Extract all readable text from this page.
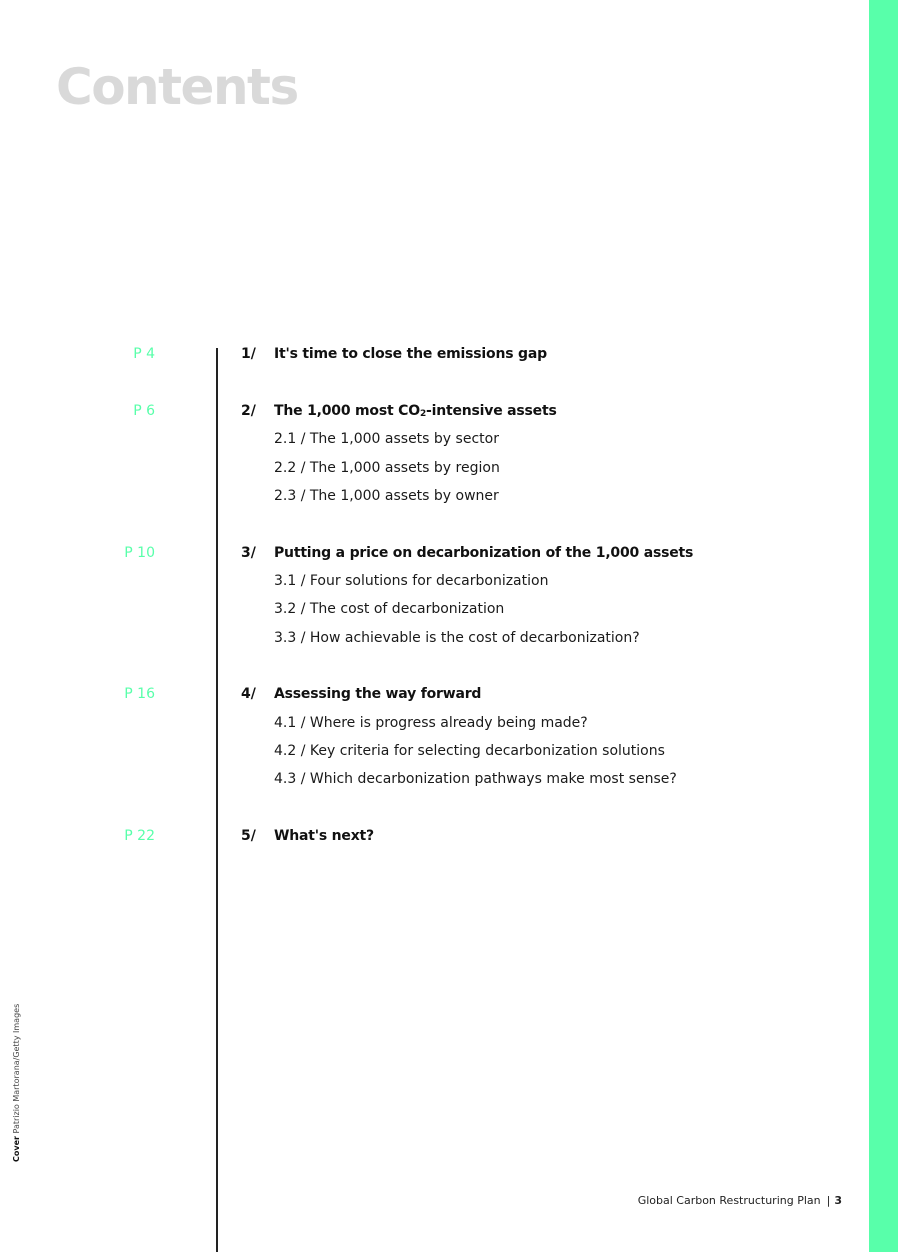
Contents
P 4	1/ It's time to close the emissions gap
P 6	2/ The 1,000 most CO2-intensive assets
2.1 / The 1,000 assets by sector
2.2 / The 1,000 assets by region
2.3 / The 1,000 assets by owner
P 10	3/ Putting a price on decarbonization of the 1,000 assets
3.1 / Four solutions for decarbonization
3.2 / The cost of decarbonization
3.3 / How achievable is the cost of decarbonization?
P 16	4/ Assessing the way forward
4.1 / Where is progress already being made?
4.2 / Key criteria for selecting decarbonization solutions
4.3 / Which decarbonization pathways make most sense?
P 22	5/ What's next?
Global Carbon Restructuring Plan | 3
Cover Patrizio Martorana/Getty Images
